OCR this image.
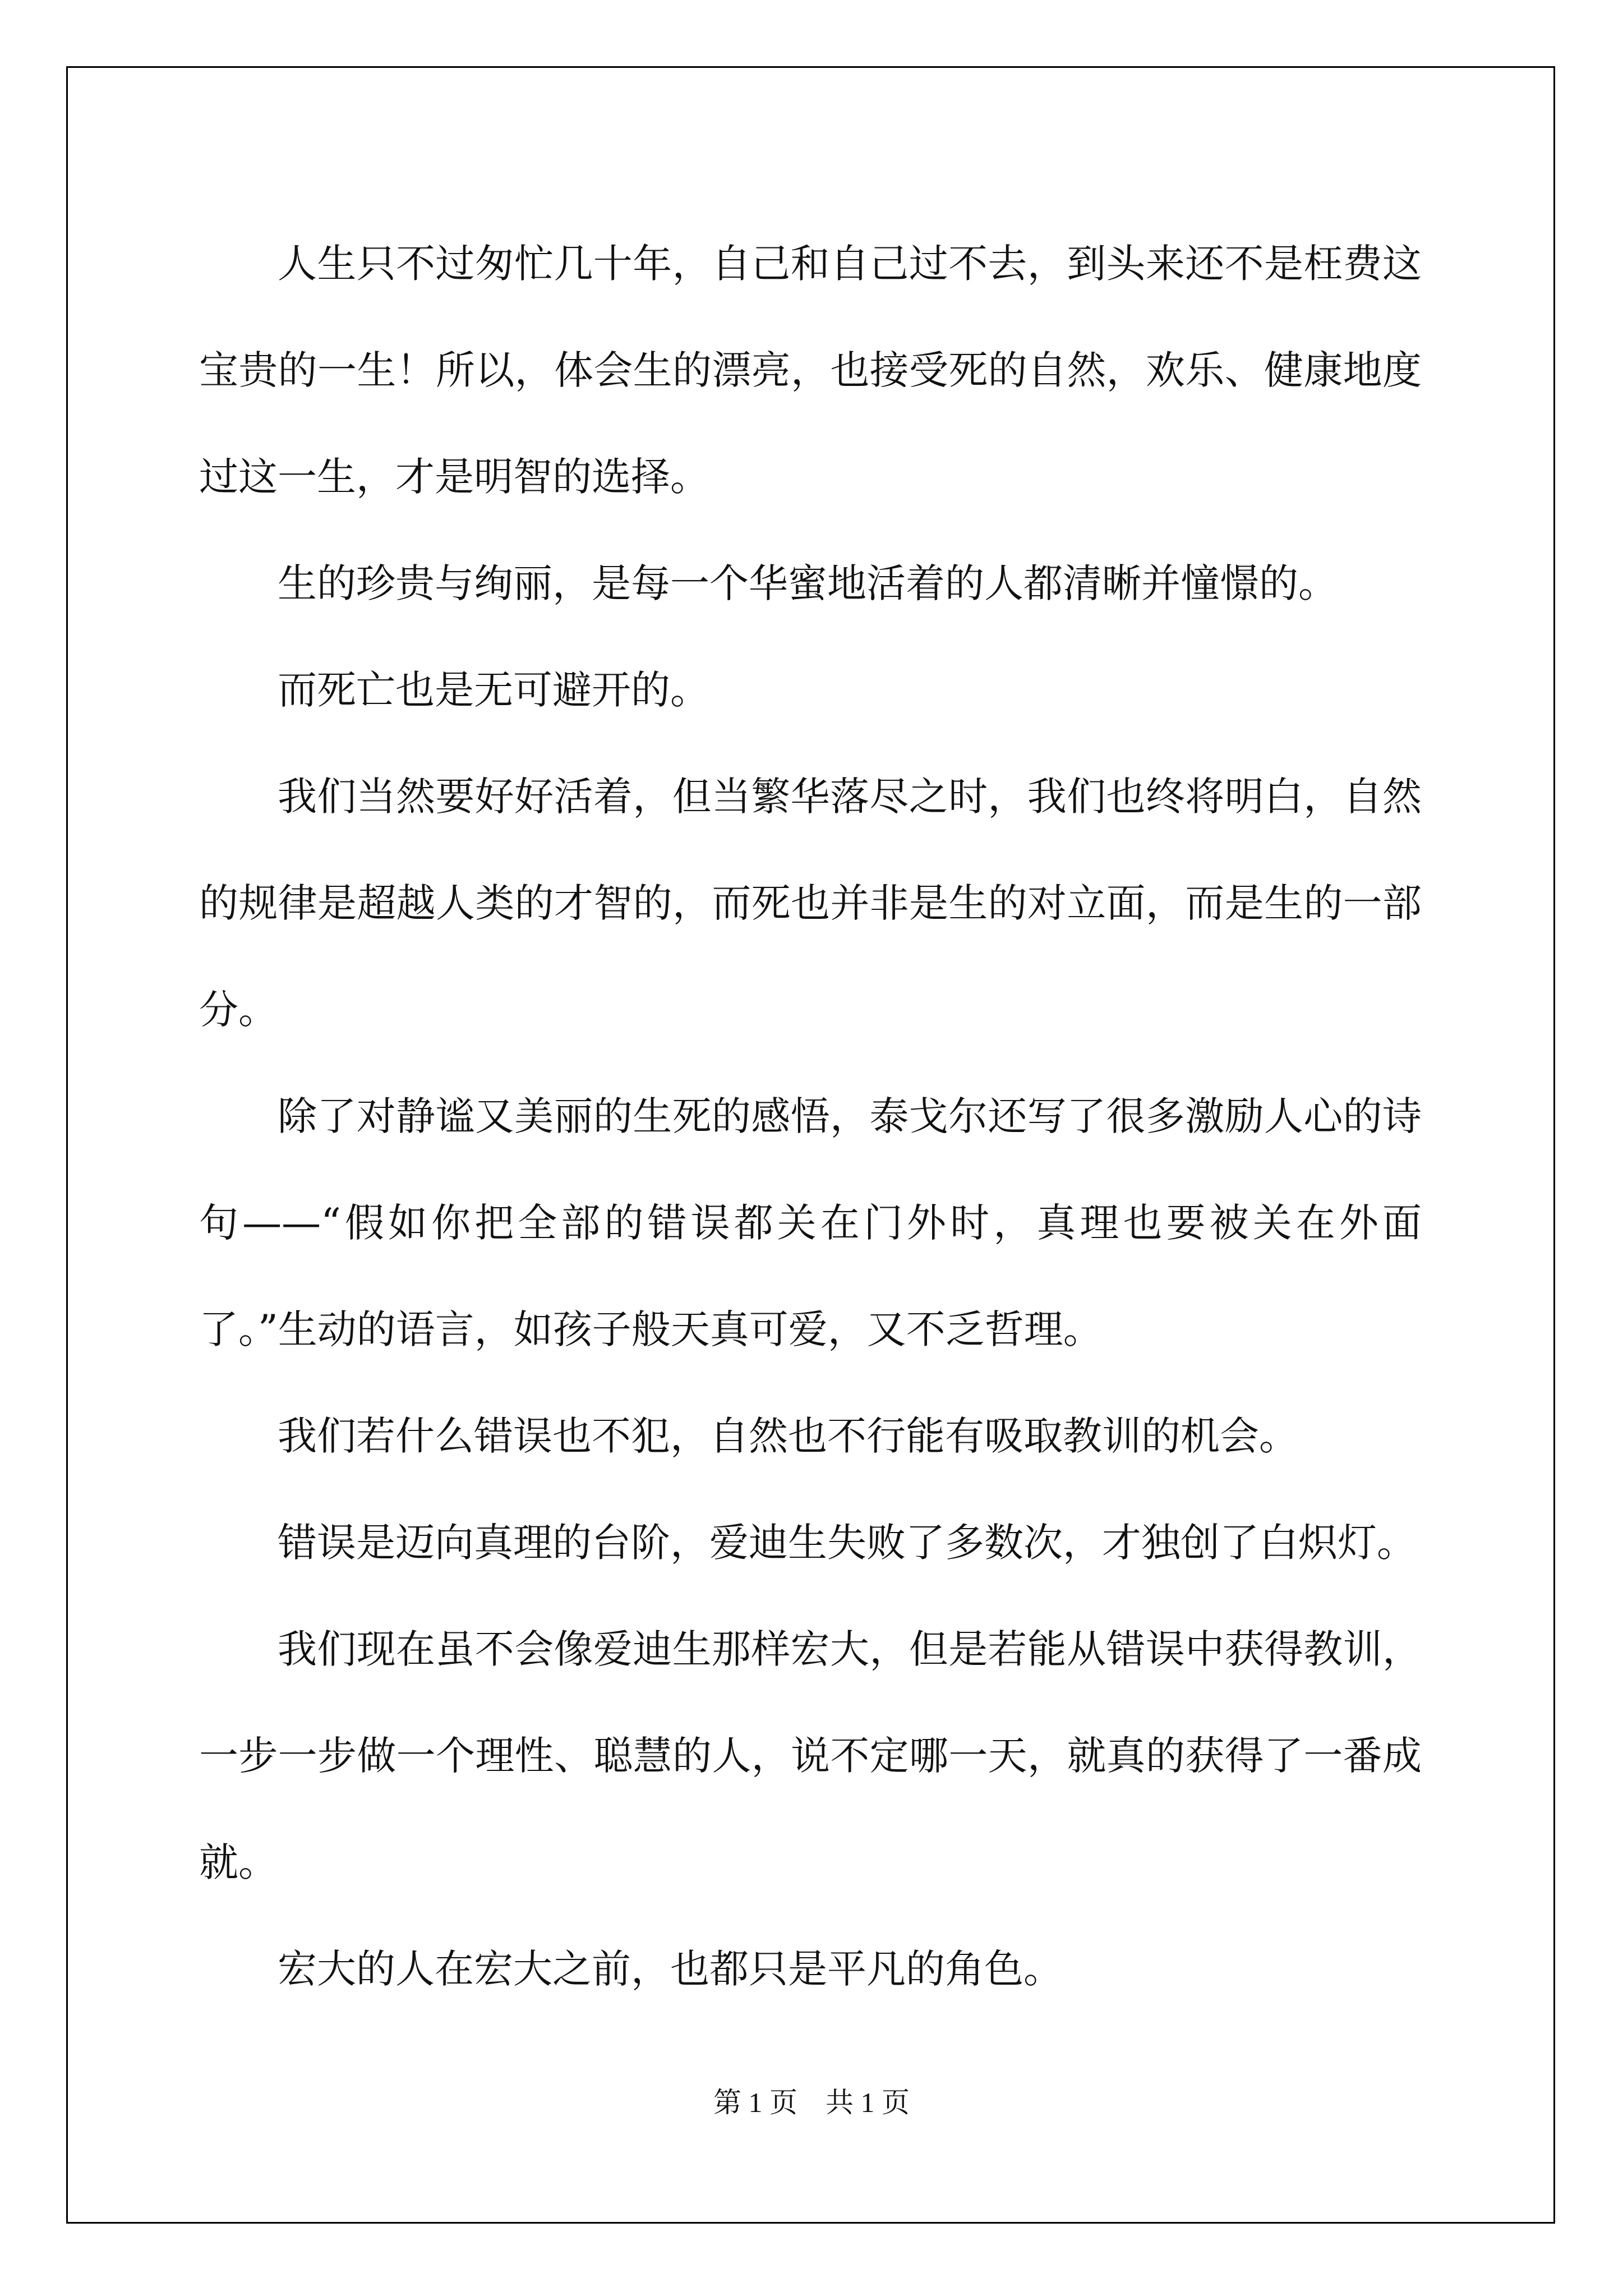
人生只不过匆忙几十年，自己和自己过不去，到头来还不是枉费这宝贵的一生！所以，体会生的漂亮，也接受死的自然，欢乐、健康地度过这一生，才是明智的选择。

生的珍贵与绚丽，是每一个华蜜地活着的人都清晰并憧憬的。

而死亡也是无可避开的。

我们当然要好好活着，但当繁华落尽之时，我们也终将明白，自然的规律是超越人类的才智的，而死也并非是生的对立面，而是生的一部分。

除了对静谧又美丽的生死的感悟，泰戈尔还写了很多激励人心的诗句——“假如你把全部的错误都关在门外时，真理也要被关在外面了。”生动的语言，如孩子般天真可爱，又不乏哲理。

我们若什么错误也不犯，自然也不行能有吸取教训的机会。

错误是迈向真理的台阶，爱迪生失败了多数次，才独创了白炽灯。

我们现在虽不会像爱迪生那样宏大，但是若能从错误中获得教训，一步一步做一个理性、聪慧的人，说不定哪一天，就真的获得了一番成就。

宏大的人在宏大之前，也都只是平凡的角色。

第 1 页    共 1 页
